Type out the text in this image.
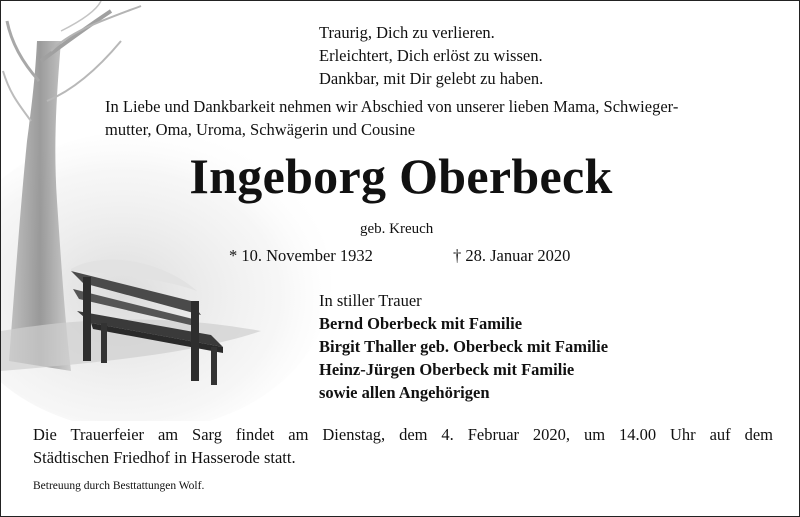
Traurig, Dich zu verlieren.
Erleichtert, Dich erlöst zu wissen.
Dankbar, mit Dir gelebt zu haben.
In Liebe und Dankbarkeit nehmen wir Abschied von unserer lieben Mama, Schwieger-
mutter, Oma, Uroma, Schwägerin und Cousine
Ingeborg Oberbeck
geb. Kreuch
* 10. November 1932	† 28. Januar 2020
In stiller Trauer
Bernd Oberbeck mit Familie
Birgit Thaller geb. Oberbeck mit Familie
Heinz-Jürgen Oberbeck mit Familie
sowie allen Angehörigen
Die Trauerfeier am Sarg findet am Dienstag, dem 4. Februar 2020, um 14.00 Uhr auf dem
Städtischen Friedhof in Hasserode statt.
Betreuung durch Besttattungen Wolf.
